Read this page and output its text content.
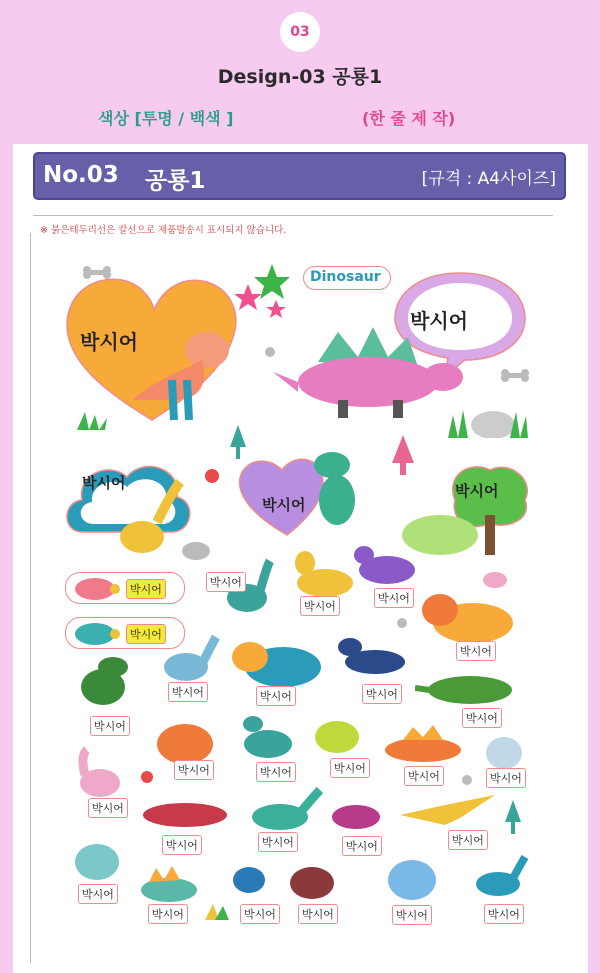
03
Design-03 공룡1
색상 [투명 / 백색 ]	(한 줄 제 작)
No.03 공룡1	[규격 : A4사이즈]
※ 붉은테두리선은 칼선으로 제품발송시 표시되지 않습니다.
박시어
Dinosaur
박시어
박시어
박시어
박시어
박시어
박시어
박시어
박시어
박시어
박시어
박시어
박시어	박시어	박시어
박시어
박시어	박시어	박시어
박시어	박시어
박시어
박시어	박시어	박시어	박시어
박시어
박시어	박시어	박시어	박시어	박시어
